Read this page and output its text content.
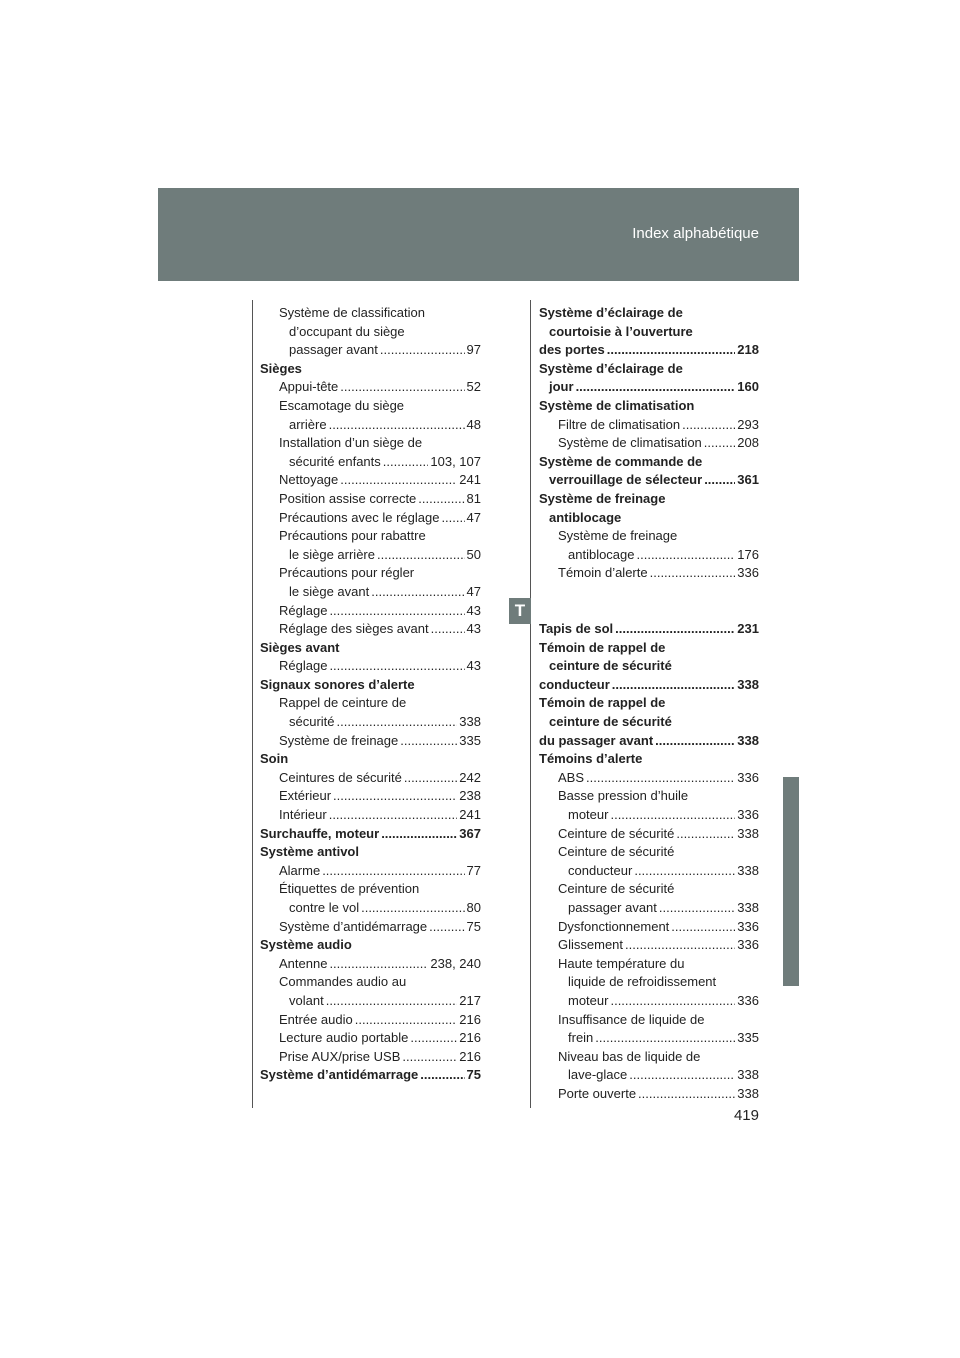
Index alphabétique
T
Système de classification
d’occupant du siège
passager avant .....	97
Sièges
Appui-tête .....	52
Escamotage du siège
arrière .....	48
Installation d’un siège de
sécurité enfants .....	103, 107
Nettoyage .....	241
Position assise correcte .....	81
Précautions avec le réglage ..... 47
Précautions pour rabattre
le siège arrière .....	50
Précautions pour régler
le siège avant .....	47
Réglage .....	43
Réglage des sièges avant .....	43
Sièges avant
Réglage .....	43
Signaux sonores d’alerte
Rappel de ceinture de
sécurité .....	338
Système de freinage .....	335
Soin
Ceintures de sécurité .....	242
Extérieur .....	238
Intérieur .....	241
Surchauffe, moteur .....	367
Système antivol
Alarme .....	77
Étiquettes de prévention
contre le vol .....	80
Système d’antidémarrage .....	75
Système audio
Antenne .....	238, 240
Commandes audio au
volant .....	217
Entrée audio .....	216
Lecture audio portable .....	216
Prise AUX/prise USB .....	216
Système d’antidémarrage .....	75
Système d’éclairage de
courtoisie à l’ouverture
des portes .....	218
Système d’éclairage de
jour .....	160
Système de climatisation
Filtre de climatisation .....	293
Système de climatisation .....	208
Système de commande de
verrouillage de sélecteur .....	361
Système de freinage
antiblocage
Système de freinage
antiblocage .....	176
Témoin d’alerte .....	336
Tapis de sol .....	231
Témoin de rappel de
ceinture de sécurité
conducteur .....	338
Témoin de rappel de
ceinture de sécurité
du passager avant .....	338
Témoins d’alerte
ABS .....	336
Basse pression d’huile
moteur .....	336
Ceinture de sécurité .....	338
Ceinture de sécurité
conducteur .....	338
Ceinture de sécurité
passager avant .....	338
Dysfonctionnement .....	336
Glissement .....	336
Haute température du
liquide de refroidissement
moteur .....	336
Insuffisance de liquide de
frein .....	335
Niveau bas de liquide de
lave-glace .....	338
Porte ouverte .....	338
419
